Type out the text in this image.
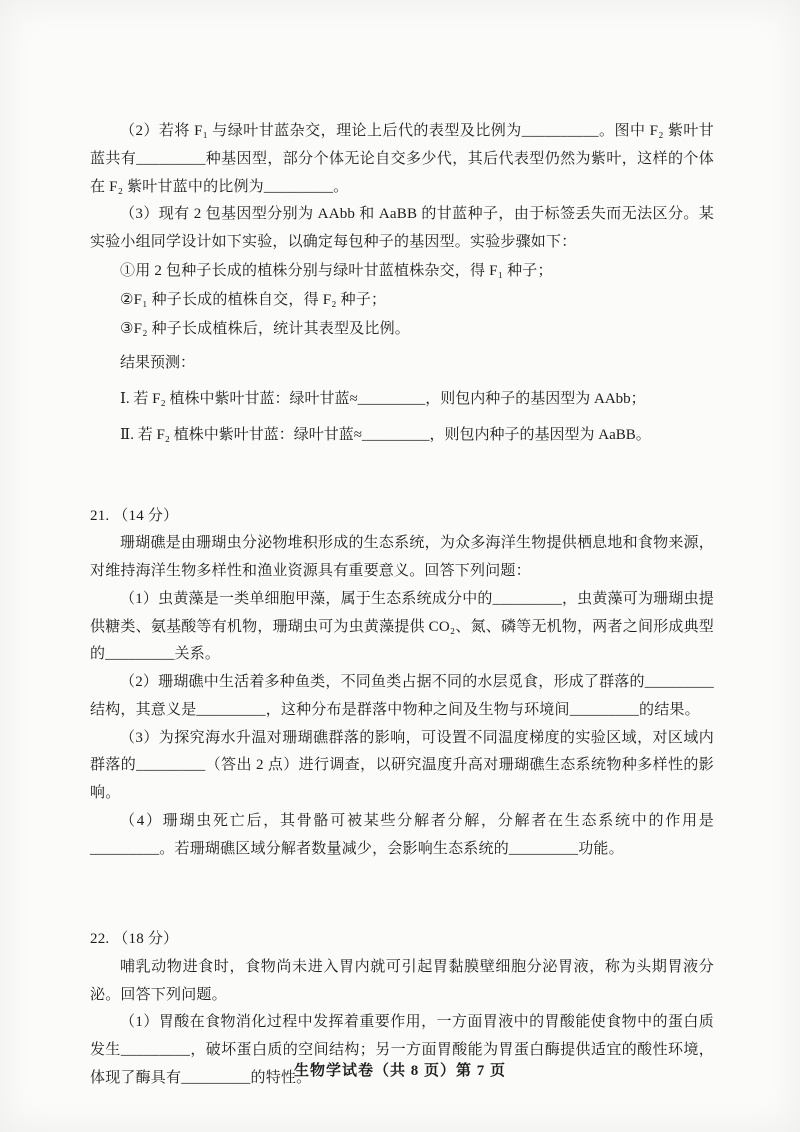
（2）若将 F₁ 与绿叶甘蓝杂交，理论上后代的表型及比例为__________。图中 F₂ 紫叶甘蓝共有_________种基因型，部分个体无论自交多少代，其后代表型仍然为紫叶，这样的个体在 F₂ 紫叶甘蓝中的比例为_________。

（3）现有 2 包基因型分别为 AAbb 和 AaBB 的甘蓝种子，由于标签丢失而无法区分。某实验小组同学设计如下实验，以确定每包种子的基因型。实验步骤如下：

①用 2 包种子长成的植株分别与绿叶甘蓝植株杂交，得 F₁ 种子；

②F₁ 种子长成的植株自交，得 F₂ 种子；

③F₂ 种子长成植株后，统计其表型及比例。

结果预测：

Ⅰ. 若 F₂ 植株中紫叶甘蓝：绿叶甘蓝≈_________，则包内种子的基因型为 AAbb；

Ⅱ. 若 F₂ 植株中紫叶甘蓝：绿叶甘蓝≈_________，则包内种子的基因型为 AaBB。

21. （14 分）

珊瑚礁是由珊瑚虫分泌物堆积形成的生态系统，为众多海洋生物提供栖息地和食物来源，对维持海洋生物多样性和渔业资源具有重要意义。回答下列问题：

（1）虫黄藻是一类单细胞甲藻，属于生态系统成分中的_________，虫黄藻可为珊瑚虫提供糖类、氨基酸等有机物，珊瑚虫可为虫黄藻提供 CO₂、氮、磷等无机物，两者之间形成典型的_________关系。

（2）珊瑚礁中生活着多种鱼类，不同鱼类占据不同的水层觅食，形成了群落的_________结构，其意义是_________，这种分布是群落中物种之间及生物与环境间_________的结果。

（3）为探究海水升温对珊瑚礁群落的影响，可设置不同温度梯度的实验区域，对区域内群落的_________（答出 2 点）进行调查，以研究温度升高对珊瑚礁生态系统物种多样性的影响。

（4）珊瑚虫死亡后，其骨骼可被某些分解者分解，分解者在生态系统中的作用是_________。若珊瑚礁区域分解者数量减少，会影响生态系统的_________功能。

22. （18 分）

哺乳动物进食时，食物尚未进入胃内就可引起胃黏膜壁细胞分泌胃液，称为头期胃液分泌。回答下列问题。

（1）胃酸在食物消化过程中发挥着重要作用，一方面胃液中的胃酸能使食物中的蛋白质发生_________，破坏蛋白质的空间结构；另一方面胃酸能为胃蛋白酶提供适宜的酸性环境，体现了酶具有_________的特性。

生物学试卷（共 8 页）第 7 页
